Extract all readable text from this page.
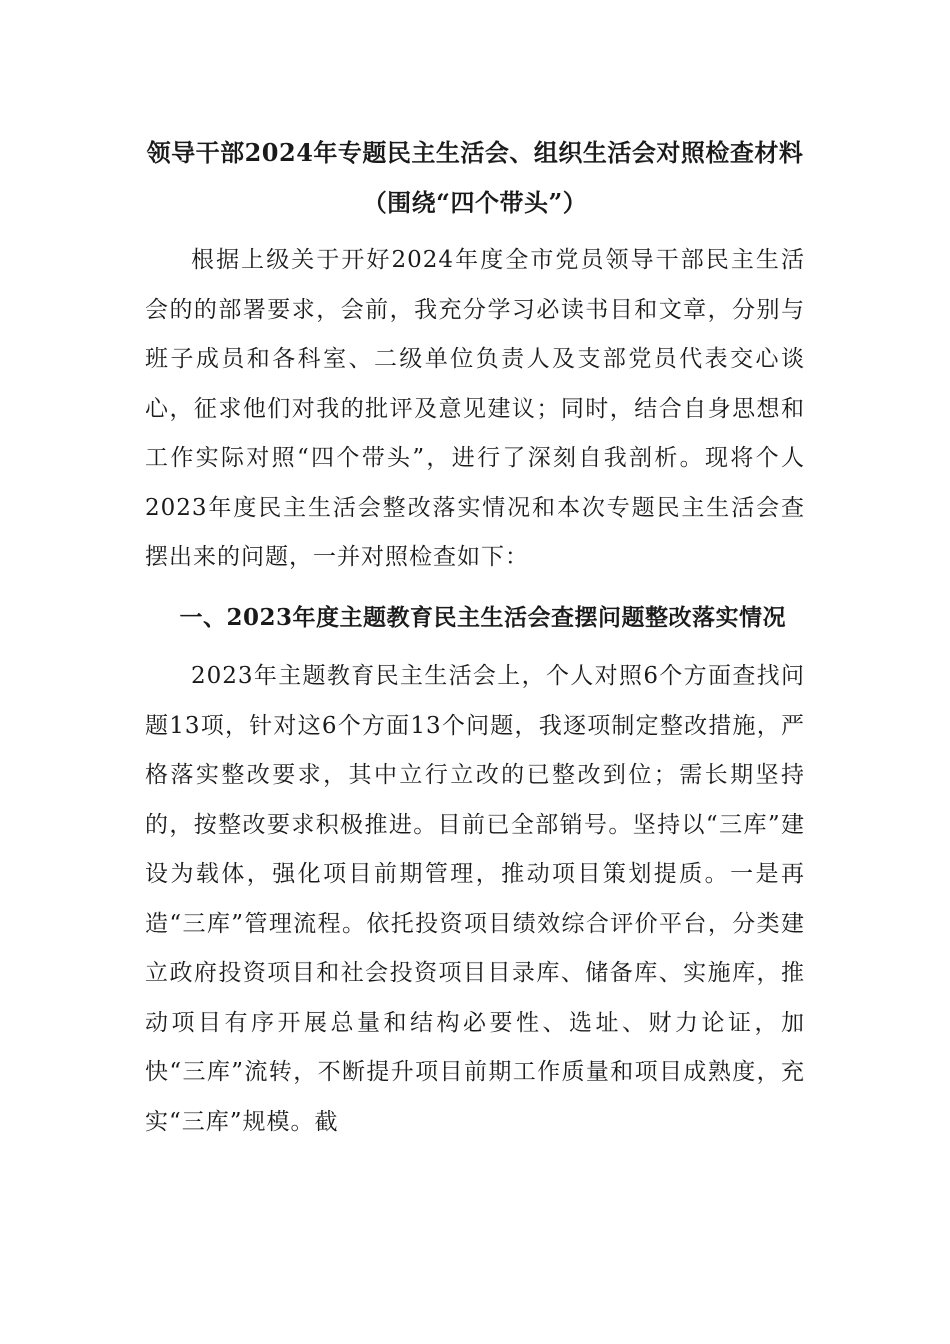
领导干部2024年专题民主生活会、组织生活会对照检查材料（围绕“四个带头”）

根据上级关于开好2024年度全市党员领导干部民主生活会的的部署要求，会前，我充分学习必读书目和文章，分别与班子成员和各科室、二级单位负责人及支部党员代表交心谈心，征求他们对我的批评及意见建议；同时，结合自身思想和工作实际对照“四个带头”，进行了深刻自我剖析。现将个人2023年度民主生活会整改落实情况和本次专题民主生活会查摆出来的问题，一并对照检查如下：

一、2023年度主题教育民主生活会查摆问题整改落实情况

2023年主题教育民主生活会上，个人对照6个方面查找问题13项，针对这6个方面13个问题，我逐项制定整改措施，严格落实整改要求，其中立行立改的已整改到位；需长期坚持的，按整改要求积极推进。目前已全部销号。坚持以“三库”建设为载体，强化项目前期管理，推动项目策划提质。一是再造“三库”管理流程。依托投资项目绩效综合评价平台，分类建立政府投资项目和社会投资项目目录库、储备库、实施库，推动项目有序开展总量和结构必要性、选址、财力论证，加快“三库”流转，不断提升项目前期工作质量和项目成熟度，充实“三库”规模。截
